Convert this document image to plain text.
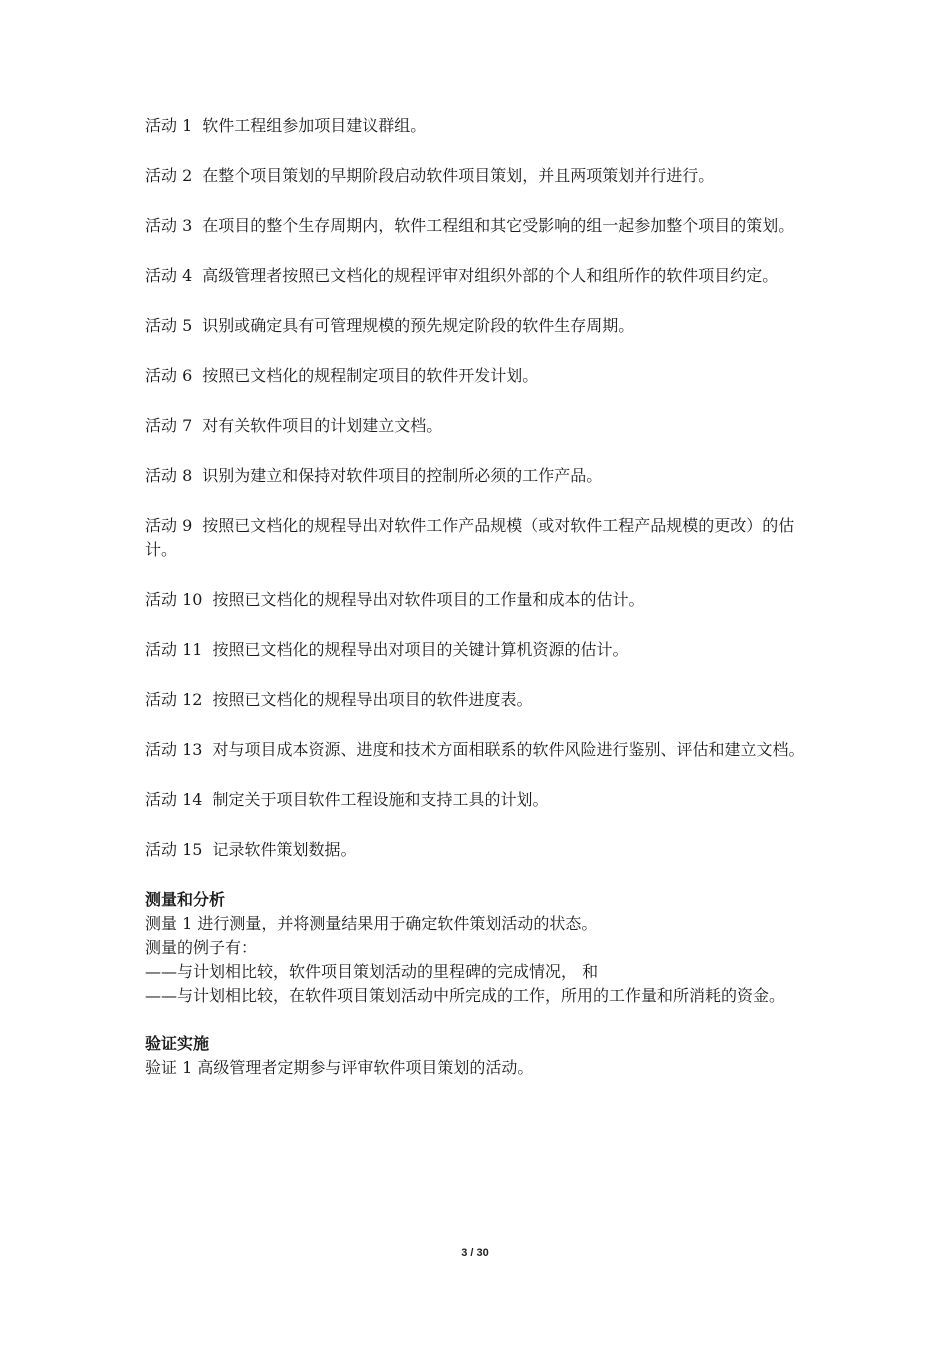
活动 1 软件工程组参加项目建议群组。

活动 2 在整个项目策划的早期阶段启动软件项目策划，并且两项策划并行进行。

活动 3 在项目的整个生存周期内，软件工程组和其它受影响的组一起参加整个项目的策划。

活动 4 高级管理者按照已文档化的规程评审对组织外部的个人和组所作的软件项目约定。

活动 5 识别或确定具有可管理规模的预先规定阶段的软件生存周期。

活动 6 按照已文档化的规程制定项目的软件开发计划。

活动 7 对有关软件项目的计划建立文档。

活动 8 识别为建立和保持对软件项目的控制所必须的工作产品。

活动 9 按照已文档化的规程导出对软件工作产品规模（或对软件工程产品规模的更改）的估计。

活动 10 按照已文档化的规程导出对软件项目的工作量和成本的估计。

活动 11 按照已文档化的规程导出对项目的关键计算机资源的估计。

活动 12 按照已文档化的规程导出项目的软件进度表。

活动 13 对与项目成本资源、进度和技术方面相联系的软件风险进行鉴别、评估和建立文档。

活动 14 制定关于项目软件工程设施和支持工具的计划。

活动 15 记录软件策划数据。

测量和分析

测量 1 进行测量，并将测量结果用于确定软件策划活动的状态。

测量的例子有：

——与计划相比较，软件项目策划活动的里程碑的完成情况， 和

——与计划相比较，在软件项目策划活动中所完成的工作，所用的工作量和所消耗的资金。

验证实施

验证 1 高级管理者定期参与评审软件项目策划的活动。

3 / 30
